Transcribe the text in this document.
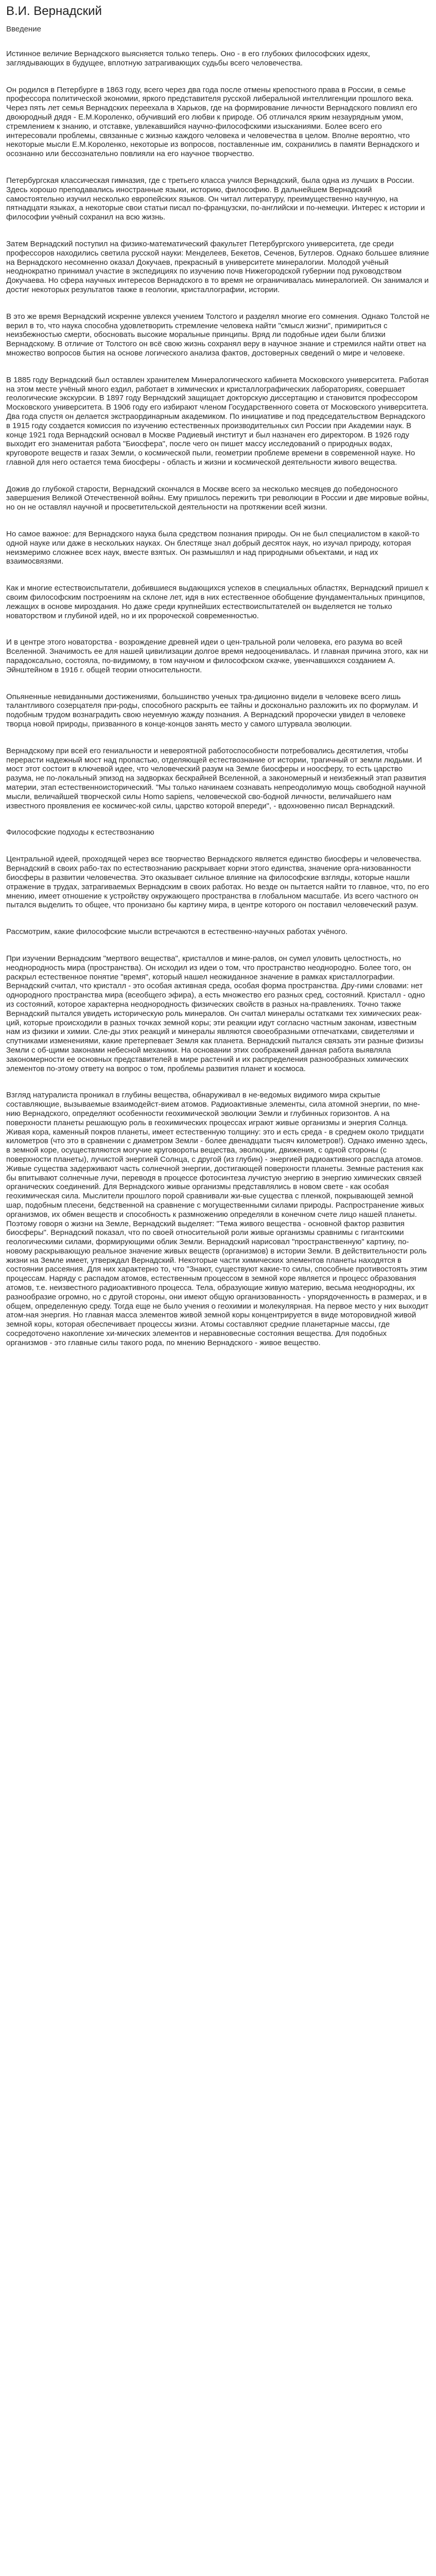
В.И. Вернадский
Введение
Истинное величие Вернадского выясняется только теперь. Оно - в его глубоких философских идеях, заглядывающих в будущее, вплотную затрагивающих судьбы всего человечества.
Он родился в Петербурге в 1863 году, всего через два года после отмены крепостного права в России, в семье профессора политической экономии, яркого представителя русской либеральной интеллигенции прошлого века. Через пять лет семья Вернадских переехала в Харьков, где на формирование личности Вернадского повлиял его двоюродный дядя - Е.М.Короленко, обучивший его любви к природе. Об отличался ярким незаурядным умом, стремлением к знанию, и отставке, увлекавшийся научно-философскими изысканиями. Более всего его интересовали проблемы, связанные с жизнью каждого человека и человечества в целом. Вполне вероятно, что некоторые мысли Е.М.Короленко, некоторые из вопросов, поставленные им, сохранились в памяти Вернадского и осознанно или бессознательно повлияли на его научное творчество.
Петербургская классическая гимназия, где с третьего класса учился Вернадский, была одна из лучших в России. Здесь хорошо преподавались иностранные языки, историю, философию. В дальнейшем Вернадский самостоятельно изучил несколько европейских языков. Он читал литературу, преимущественно научную, на пятнадцати языках, а некоторые свои статьи писал по-французски, по-английски и по-немецки. Интерес к истории и философии учёный сохранил на всю жизнь.
Затем Вернадский поступил на физико-математический факультет Петербургского университета, где среди профессоров находились светила русской науки: Менделеев, Бекетов, Сеченов, Бутлеров. Однако большее влияние на Вернадского несомненно оказал Докучаев, прекрасный в университете минералогии. Молодой учёный неоднократно принимал участие в экспедициях по изучению почв Нижегородской губернии под руководством Докучаева. Но сфера научных интересов Вернадского в то время не ограничивалась минералогией. Он занимался и достиг некоторых результатов также в геологии, кристаллографии, истории.
В это же время Вернадский искренне увлекся учением Толстого и разделял многие его сомнения. Однако Толстой не верил в то, что наука способна удовлетворить стремление человека найти "смысл жизни", примириться с неизбежностью смерти, обосновать высокие моральные принципы. Вряд ли подобные идеи были близки Вернадскому. В отличие от Толстого он всё свою жизнь сохранял веру в научное знание и стремился найти ответ на множество вопросов бытия на основе логического анализа фактов, достоверных сведений о мире и человеке.
В 1885 году Вернадский был оставлен хранителем Минералогического кабинета Московского университета. Работая на этом месте учёный много ездил, работает в химических и кристаллографических лабораториях, совершает геологические экскурсии. В 1897 году Вернадский защищает докторскую диссертацию и становится профессором Московского университета. В 1906 году его избирают членом Государственного совета от Московского университета. Два года спустя он делается экстраординарным академиком. По инициативе и под председательством Вернадского в 1915 году создается комиссия по изучению естественных производительных сил России при Академии наук. В конце 1921 года Вернадский основал в Москве Радиевый институт и был назначен его директором. В 1926 году выходит его знаменитая работа "Биосфера", после чего он пишет массу исследований о природных водах, круговороте веществ и газах Земли, о космической пыли, геометрии проблеме времени в современной науке. Но главной для него остается тема биосферы - область и жизни и космической деятельности живого вещества.
Дожив до глубокой старости, Вернадский скончался в Москве всего за несколько месяцев до победоносного завершения Великой Отечественной войны. Ему пришлось пережить три революции в России и две мировые войны, но он не оставлял научной и просветительской деятельности на протяжении всей жизни.
Но самое важное: для Вернадского наука была средством познания природы. Он не был специалистом в какой-то одной науке или даже в нескольких науках. Он блестяще знал добрый десяток наук, но изучал природу, которая неизмеримо сложнее всех наук, вместе взятых. Он размышлял и над природными объектами, и над их взаимосвязями.
Как и многие естествоиспытатели, добившиеся выдающихся успехов в специальных областях, Вернадский пришел к своим философским построениям на склоне лет, идя в них естественное обобщение фундаментальных принципов, лежащих в основе мироздания. Но даже среди крупнейших естествоиспытателей он выделяется не только новаторством и глубиной идей, но и их пророческой современностью.
И в центре этого новаторства - возрождение древней идеи о цен-тральной роли человека, его разума во всей Вселенной. Значимость ее для нашей цивилизации долгое время недооценивалась. И главная причина этого, как ни парадоксально, состояла, по-видимому, в том научном и философском скачке, увенчавшихся созданием А. Эйнштейном в 1916 г. общей теории относительности.
Опьяненные невиданными достижениями, большинство ученых тра-диционно видели в человеке всего лишь талантливого созерцателя при-роды, способного раскрыть ее тайны и досконально разложить их по формулам. И подобным трудом вознаградить свою неуемную жажду познания. А Вернадский пророчески увидел в человеке творца новой природы, призванного в конце-концов занять место у самого штурвала эволюции.
Вернадскому при всей его гениальности и невероятной работоспособности потребовались десятилетия, чтобы перерасти надежный мост над пропастью, отделяющей естествознание от истории, трагичный от земли людьми. И мост этот состоит в ключевой идее, что человеческий разум на Земле биосферы и ноосферу, то есть царство разума, не по-локальный эпизод на задворках бескрайней Вселенной, а закономерный и неизбежный этап развития материи, этап естественноисторический. "Мы только начинаем сознавать непреодолимую мощь свободной научной мысли, величайшей творческой силы Homo sapiens, человеческой сво-бодной личности, величайшего нам известного проявления ее космичес-кой силы, царство которой впереди", - вдохновенно писал Вернадский.
Философские подходы к естествознанию
Центральной идеей, проходящей через все творчество Вернадского является единство биосферы и человечества. Вернадский в своих рабо-тах по естествознанию раскрывает корни этого единства, значение орга-низованности биосферы в развитии человечества. Это оказывает сильное влияние на философские взгляды, которые нашли отражение в трудах, затрагиваемых Вернадским в своих работах. Но везде он пытается найти то главное, что, по его мнению, имеет отношение к устройству окружающего пространства в глобальном масштабе. Из всего частного он пытался выделить то общее, что пронизано бы картину мира, в центре которого он поставил человеческий разум.
Рассмотрим, какие философские мысли встречаются в естественно-научных работах учёного.
При изучении Вернадским "мертвого вещества", кристаллов и мине-ралов, он сумел уловить целостность, но неоднородность мира (пространства). Он исходил из идеи о том, что пространство неоднородно. Более того, он раскрыл естественное понятие "время", который нашел неожиданное значение в рамках кристаллографии. Вернадский считал, что кристалл - это особая активная среда, особая форма пространства. Дру-гими словами: нет однородного пространства мира (всеобщего эфира), а есть множество его разных сред, состояний. Кристалл - одно из состояний, которое характерна неоднородность физических свойств в разных на-правлениях. Точно также Вернадский пытался увидеть историческую роль минералов. Он считал минералы остатками тех химических реак-ций, которые происходили в разных точках земной коры; эти реакции идут согласно частным законам, известным нам из физики и химии. Сле-ды этих реакций и минералы являются своеобразными отпечатками, свидетелями и спутниками изменениями, какие претерпевает Земля как планета. Вернадский пытался связать эти разные физизы Земли с об-щими законами небесной механики. На основании этих соображений данная работа выявляла закономерности ее основных представителей в мире растений и их распределения разнообразных химических элементов по-этому ответу на вопрос о том, проблемы развития планет и космоса.
Взгляд натуралиста проникал в глубины вещества, обнаруживал в не-ведомых видимого мира скрытые составляющие, вызываемые взаимодейст-вием атомов. Радиоактивные элементы, сила атомной энергии, по мне-нию Вернадского, определяют особенности геохимической эволюции Земли и глубинных горизонтов. А на поверхности планеты решающую роль в геохимических процессах играют живые организмы и энергия Солнца. Живая кора, каменный покров планеты, имеет естественную толщину: это и есть среда - в среднем около тридцати километров (что это в сравнении с диаметром Земли - более двенадцати тысяч километров!). Однако именно здесь, в земной коре, осуществляются могучие круговороты вещества, эволюции, движения, с одной стороны (с поверхности планеты), лучистой энергией Солнца, с другой (из глубин) - энергией радиоактивного распада атомов. Живые существа задерживают часть солнечной энергии, достигающей поверхности планеты. Земные растения как бы впитывают солнечные лучи, переводя в процессе фотосинтеза лучистую энергию в энергию химических связей органических соединений. Для Вернадского живые организмы представлялись в новом свете - как особая геохимическая сила. Мыслители прошлого порой сравнивали жи-вые существа с пленкой, покрывающей земной шар, подобным плесени, бедственной на сравнение с могущественными силами природы. Распространение живых организмов, их обмен веществ и способность к размножению определяли в конечном счете лицо нашей планеты. Поэтому говоря о жизни на Земле, Вернадский выделяет: "Тема живого вещества - основной фактор развития биосферы". Вернадский показал, что по своей относительной роли живые организмы сравнимы с гигантскими геологическими силами, формирующими облик Земли. Вернадский нарисовал "пространственную" картину, по-новому раскрывающую реальное значение живых веществ (организмов) в истории Земли. В действительности роль жизни на Земле имеет, утверждал Вернадский. Некоторые части химических элементов планеты находятся в состоянии рассеяния. Для них характерно то, что "Знают, существуют какие-то силы, способные противостоять этим процессам. Наряду с распадом атомов, естественным процессом в земной коре является и процесс образования атомов, т.е. неизвестного радиоактивного процесса. Тела, образующие живую материю, весьма неоднородны, их разнообразие огромно, но с другой стороны, они имеют общую организованность - упорядоченность в размерах, и в общем, определенную среду. Тогда еще не было учения о геохимии и молекулярная. На первое место у них выходит атом-ная энергия. Но главная масса элементов живой земной коры концентрируется в виде моторовидной живой земной коры, которая обеспечивает процессы жизни. Атомы составляют средние планетарные массы, где сосредоточено накопление хи-мических элементов и неравновесные состояния вещества. Для подобных организмов - это главные силы такого рода, по мнению Вернадского - живое вещество.
